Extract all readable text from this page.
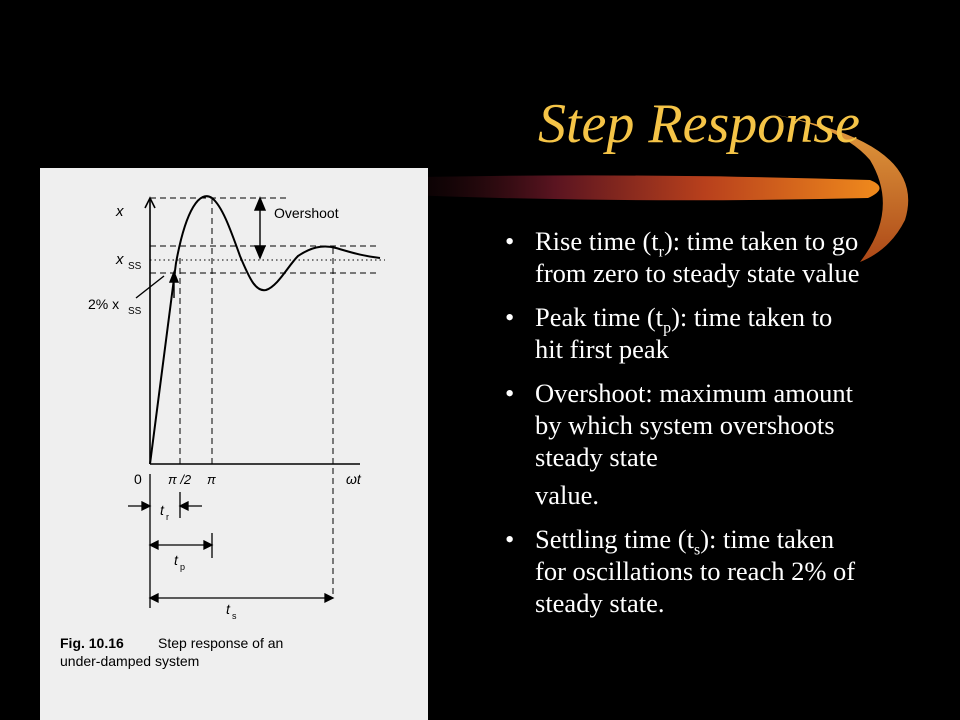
Step Response
x	Overshoot
x SS
2% x SS
0 π /2 π	ωt
t r
t p
t s
Fig. 10.16 Step response of an
under-damped system
• Rise time $(t_r)$: time taken to go from zero to steady state value
• Peak time $(t_p)$: time taken to hit first peak
• Overshoot: maximum amount by which system overshoots steady state
value.
• Settling time $(t_s)$: time taken for oscillations to reach 2% of steady state.
